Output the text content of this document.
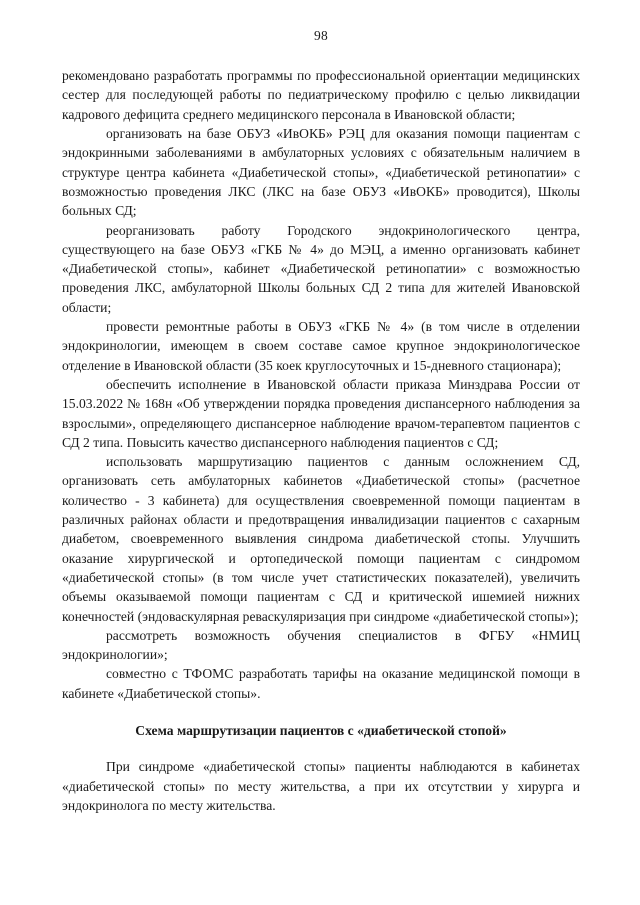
98

рекомендовано разработать программы по профессиональной ориентации медицинских сестер для последующей работы по педиатрическому профилю с целью ликвидации кадрового дефицита среднего медицинского персонала в Ивановской области;

организовать на базе ОБУЗ «ИвОКБ» РЭЦ для оказания помощи пациентам с эндокринными заболеваниями в амбулаторных условиях с обязательным наличием в структуре центра кабинета «Диабетической стопы», «Диабетической ретинопатии» с возможностью проведения ЛКС (ЛКС на базе ОБУЗ «ИвОКБ» проводится), Школы больных СД;

реорганизовать работу Городского эндокринологического центра, существующего на базе ОБУЗ «ГКБ № 4» до МЭЦ, а именно организовать кабинет «Диабетической стопы», кабинет «Диабетической ретинопатии» с возможностью проведения ЛКС, амбулаторной Школы больных СД 2 типа для жителей Ивановской области;

провести ремонтные работы в ОБУЗ «ГКБ № 4» (в том числе в отделении эндокринологии, имеющем в своем составе самое крупное эндокринологическое отделение в Ивановской области (35 коек круглосуточных и 15-дневного стационара);

обеспечить исполнение в Ивановской области приказа Минздрава России от 15.03.2022 № 168н «Об утверждении порядка проведения диспансерного наблюдения за взрослыми», определяющего диспансерное наблюдение врачом-терапевтом пациентов с СД 2 типа. Повысить качество диспансерного наблюдения пациентов с СД;

использовать маршрутизацию пациентов с данным осложнением СД, организовать сеть амбулаторных кабинетов «Диабетической стопы» (расчетное количество - 3 кабинета) для осуществления своевременной помощи пациентам в различных районах области и предотвращения инвалидизации пациентов с сахарным диабетом, своевременного выявления синдрома диабетической стопы. Улучшить оказание хирургической и ортопедической помощи пациентам с синдромом «диабетической стопы» (в том числе учет статистических показателей), увеличить объемы оказываемой помощи пациентам с СД и критической ишемией нижних конечностей (эндоваскулярная реваскуляризация при синдроме «диабетической стопы»);

рассмотреть возможность обучения специалистов в ФГБУ «НМИЦ эндокринологии»;

совместно с ТФОМС разработать тарифы на оказание медицинской помощи в кабинете «Диабетической стопы».

Схема маршрутизации пациентов с «диабетической стопой»

При синдроме «диабетической стопы» пациенты наблюдаются в кабинетах «диабетической стопы» по месту жительства, а при их отсутствии у хирурга и эндокринолога по месту жительства.
